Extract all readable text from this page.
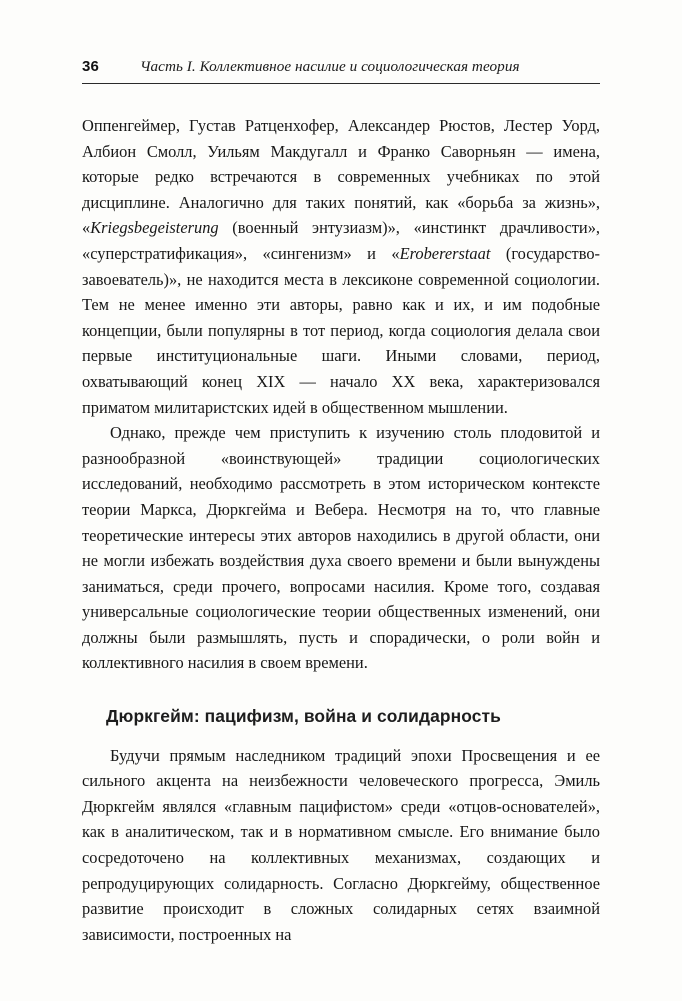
36	Часть I. Коллективное насилие и социологическая теория

Оппенгеймер, Густав Ратценхофер, Александер Рюстов, Лестер Уорд, Албион Смолл, Уильям Макдугалл и Франко Саворньян — имена, которые редко встречаются в современных учебниках по этой дисциплине. Аналогично для таких понятий, как «борьба за жизнь», «Kriegsbegeisterung (военный энтузиазм)», «инстинкт драчливости», «суперстратификация», «сингенизм» и «Erobererstaat (государство-завоеватель)», не находится места в лексиконе современной социологии. Тем не менее именно эти авторы, равно как и их, и им подобные концепции, были популярны в тот период, когда социология делала свои первые институциональные шаги. Иными словами, период, охватывающий конец XIX — начало XX века, характеризовался приматом милитаристских идей в общественном мышлении.

Однако, прежде чем приступить к изучению столь плодовитой и разнообразной «воинствующей» традиции социологических исследований, необходимо рассмотреть в этом историческом контексте теории Маркса, Дюркгейма и Вебера. Несмотря на то, что главные теоретические интересы этих авторов находились в другой области, они не могли избежать воздействия духа своего времени и были вынуждены заниматься, среди прочего, вопросами насилия. Кроме того, создавая универсальные социологические теории общественных изменений, они должны были размышлять, пусть и спорадически, о роли войн и коллективного насилия в своем времени.

Дюркгейм: пацифизм, война и солидарность

Будучи прямым наследником традиций эпохи Просвещения и ее сильного акцента на неизбежности человеческого прогресса, Эмиль Дюркгейм являлся «главным пацифистом» среди «отцов-основателей», как в аналитическом, так и в нормативном смысле. Его внимание было сосредоточено на коллективных механизмах, создающих и репродуцирующих солидарность. Согласно Дюркгейму, общественное развитие происходит в сложных солидарных сетях взаимной зависимости, построенных на
